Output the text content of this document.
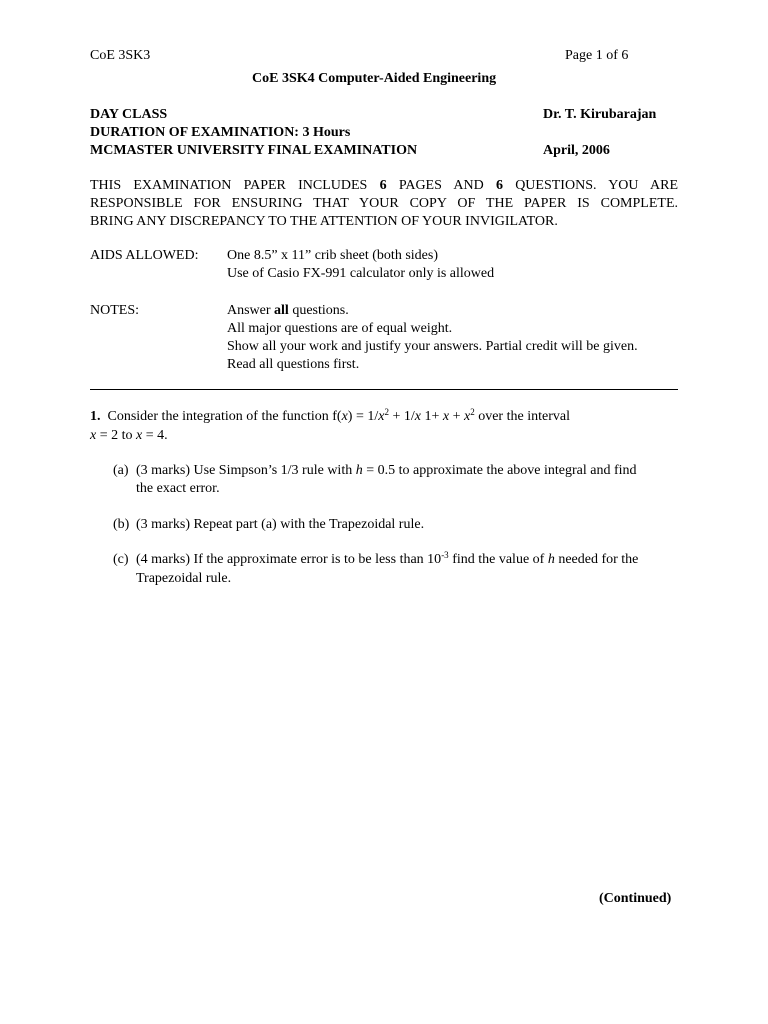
CoE 3SK3	Page 1 of 6
CoE 3SK4 Computer-Aided Engineering
DAY CLASS	Dr. T. Kirubarajan
DURATION OF EXAMINATION: 3 Hours
MCMASTER UNIVERSITY FINAL EXAMINATION	April, 2006
THIS EXAMINATION PAPER INCLUDES 6 PAGES AND 6 QUESTIONS. YOU ARE
RESPONSIBLE FOR ENSURING THAT YOUR COPY OF THE PAPER IS COMPLETE.
BRING ANY DISCREPANCY TO THE ATTENTION OF YOUR INVIGILATOR.
AIDS ALLOWED: One 8.5” x 11” crib sheet (both sides)
Use of Casio FX-991 calculator only is allowed
NOTES:	Answer all questions.
All major questions are of equal weight.
Show all your work and justify your answers. Partial credit will be given.
Read all questions first.
1. Consider the integration of the function $f(x) = 1/x^2 + 1/x$ $1+ x + x^2$ over the interval
x = 2 to x = 4.
(a) (3 marks) Use Simpson’s 1/3 rule with h = 0.5 to approximate the above integral and find
the exact error.
(b) (3 marks) Repeat part (a) with the Trapezoidal rule.
(c) (4 marks) If the approximate error is to be less than $10^{-3}$ find the value of h needed for the
Trapezoidal rule.
(Continued)
